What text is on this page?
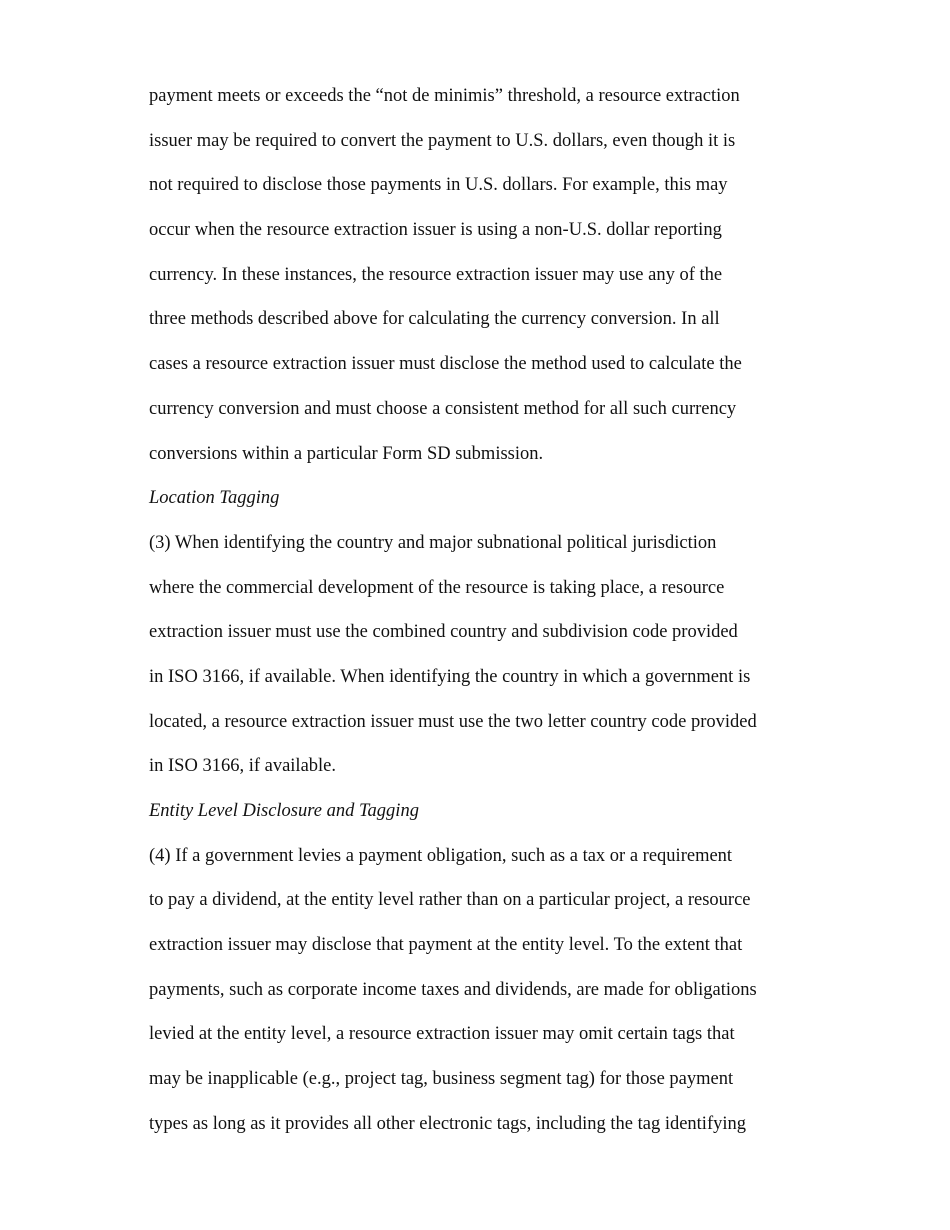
payment meets or exceeds the “not de minimis” threshold, a resource extraction
issuer may be required to convert the payment to U.S. dollars, even though it is
not required to disclose those payments in U.S. dollars. For example, this may
occur when the resource extraction issuer is using a non-U.S. dollar reporting
currency. In these instances, the resource extraction issuer may use any of the
three methods described above for calculating the currency conversion. In all
cases a resource extraction issuer must disclose the method used to calculate the
currency conversion and must choose a consistent method for all such currency
conversions within a particular Form SD submission.
Location Tagging
(3) When identifying the country and major subnational political jurisdiction
where the commercial development of the resource is taking place, a resource
extraction issuer must use the combined country and subdivision code provided
in ISO 3166, if available. When identifying the country in which a government is
located, a resource extraction issuer must use the two letter country code provided
in ISO 3166, if available.
Entity Level Disclosure and Tagging
(4) If a government levies a payment obligation, such as a tax or a requirement
to pay a dividend, at the entity level rather than on a particular project, a resource
extraction issuer may disclose that payment at the entity level. To the extent that
payments, such as corporate income taxes and dividends, are made for obligations
levied at the entity level, a resource extraction issuer may omit certain tags that
may be inapplicable (e.g., project tag, business segment tag) for those payment
types as long as it provides all other electronic tags, including the tag identifying
